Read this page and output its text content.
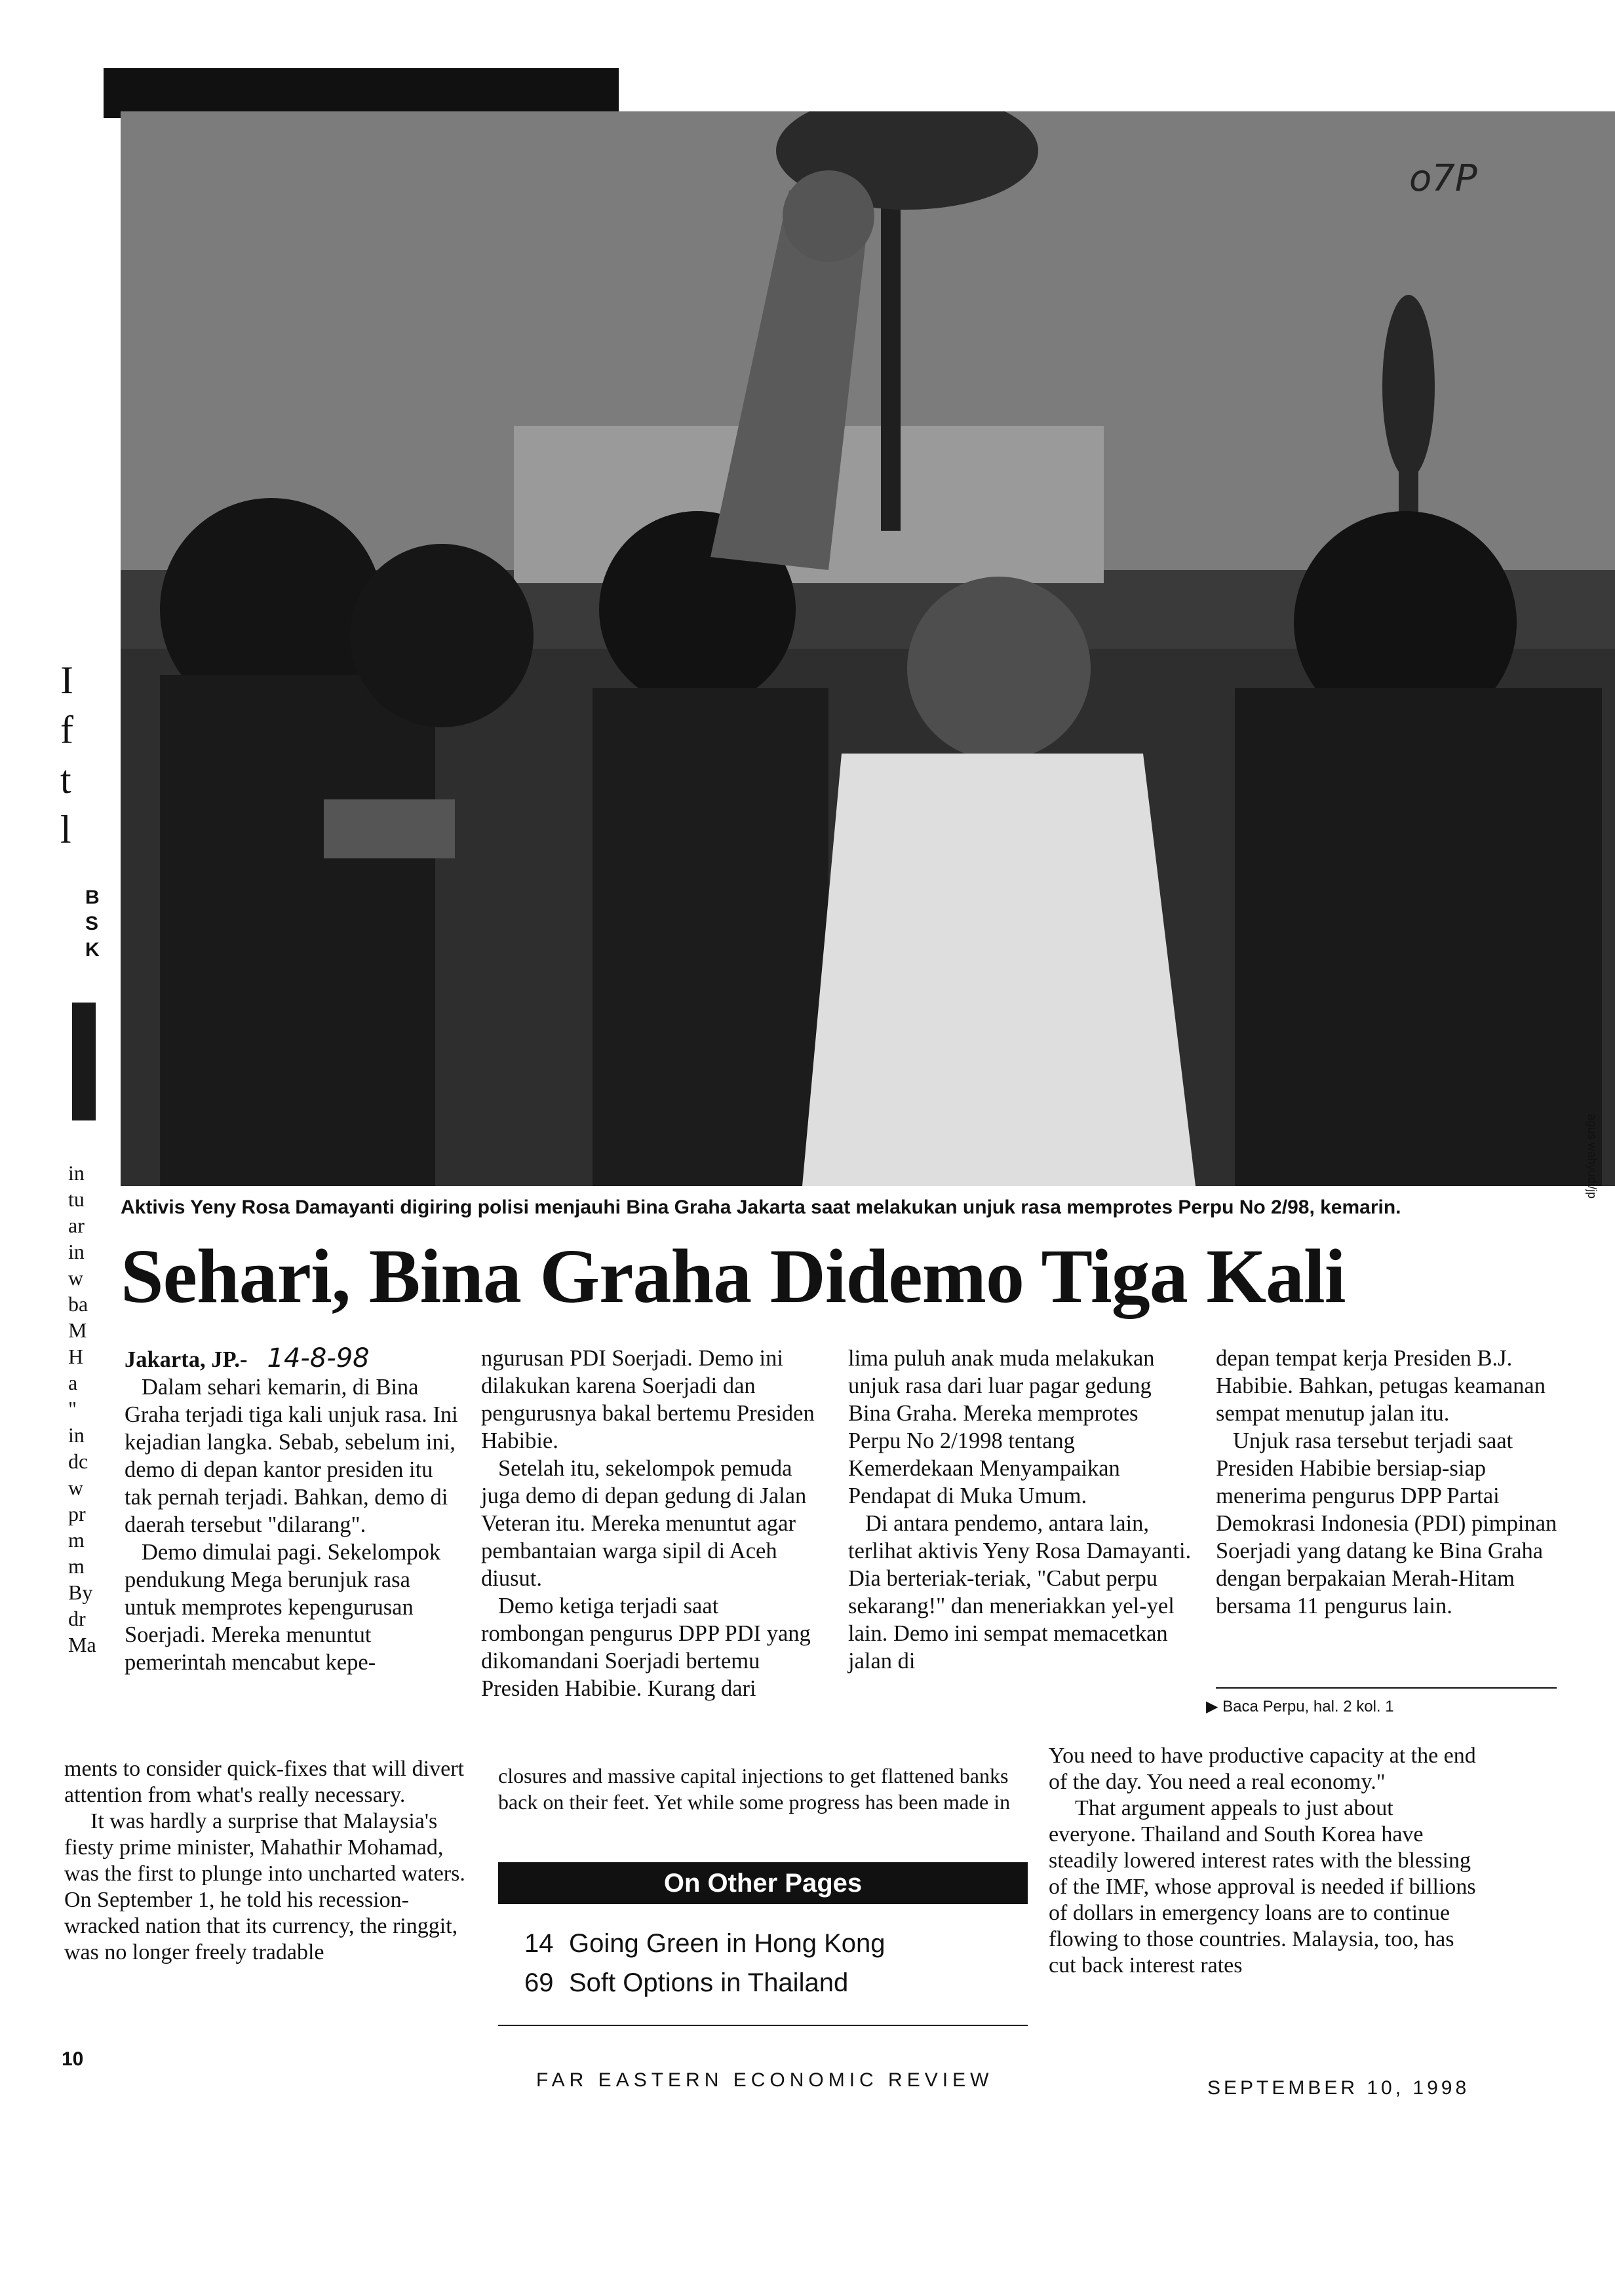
o7P
agus wahyudi/jp
Aktivis Yeny Rosa Damayanti digiring polisi menjauhi Bina Graha Jakarta saat melakukan unjuk rasa memprotes Perpu No 2/98, kemarin.
Sehari, Bina Graha Didemo Tiga Kali

Jakarta, JP.- 14-8-98

Dalam sehari kemarin, di Bina Graha terjadi tiga kali unjuk rasa. Ini kejadian langka. Sebab, sebelum ini, demo di depan kantor presiden itu tak pernah terjadi. Bahkan, demo di daerah tersebut "dilarang".

Demo dimulai pagi. Sekelompok pendukung Mega berunjuk rasa untuk memprotes kepengurusan Soerjadi. Mereka menuntut pemerintah mencabut kepe-

ngurusan PDI Soerjadi. Demo ini dilakukan karena Soerjadi dan pengurusnya bakal bertemu Presiden Habibie.

Setelah itu, sekelompok pemuda juga demo di depan gedung di Jalan Veteran itu. Mereka menuntut agar pembantaian warga sipil di Aceh diusut.

Demo ketiga terjadi saat rombongan pengurus DPP PDI yang dikomandani Soerjadi bertemu Presiden Habibie. Kurang dari

lima puluh anak muda melakukan unjuk rasa dari luar pagar gedung Bina Graha. Mereka memprotes Perpu No 2/1998 tentang Kemerdekaan Menyampaikan Pendapat di Muka Umum.

Di antara pendemo, antara lain, terlihat aktivis Yeny Rosa Damayanti. Dia berteriak-teriak, "Cabut perpu sekarang!" dan meneriakkan yel-yel lain. Demo ini sempat memacetkan jalan di

depan tempat kerja Presiden B.J. Habibie. Bahkan, petugas keamanan sempat menutup jalan itu.

Unjuk rasa tersebut terjadi saat Presiden Habibie bersiap-siap menerima pengurus DPP Partai Demokrasi Indonesia (PDI) pimpinan Soerjadi yang datang ke Bina Graha dengan berpakaian Merah-Hitam bersama 11 pengurus lain.

▶ Baca Perpu, hal. 2 kol. 1

ments to consider quick-fixes that will divert attention from what's really necessary.

It was hardly a surprise that Malaysia's fiesty prime minister, Mahathir Mohamad, was the first to plunge into uncharted waters. On September 1, he told his recession-wracked nation that its currency, the ringgit, was no longer freely tradable

closures and massive capital injections to get flattened banks back on their feet. Yet while some progress has been made in

On Other Pages
14 Going Green in Hong Kong
69 Soft Options in Thailand

You need to have productive capacity at the end of the day. You need a real economy."

That argument appeals to just about everyone. Thailand and South Korea have steadily lowered interest rates with the blessing of the IMF, whose approval is needed if billions of dollars in emergency loans are to continue flowing to those countries. Malaysia, too, has cut back interest rates

10
FAR EASTERN ECONOMIC REVIEW	SEPTEMBER 10, 1998
I
f
t
l
B
S
K
in
tu
ar
in
w
ba
M
H
a
"
in
dc
w
pr
m
m
By
dr
Ma
